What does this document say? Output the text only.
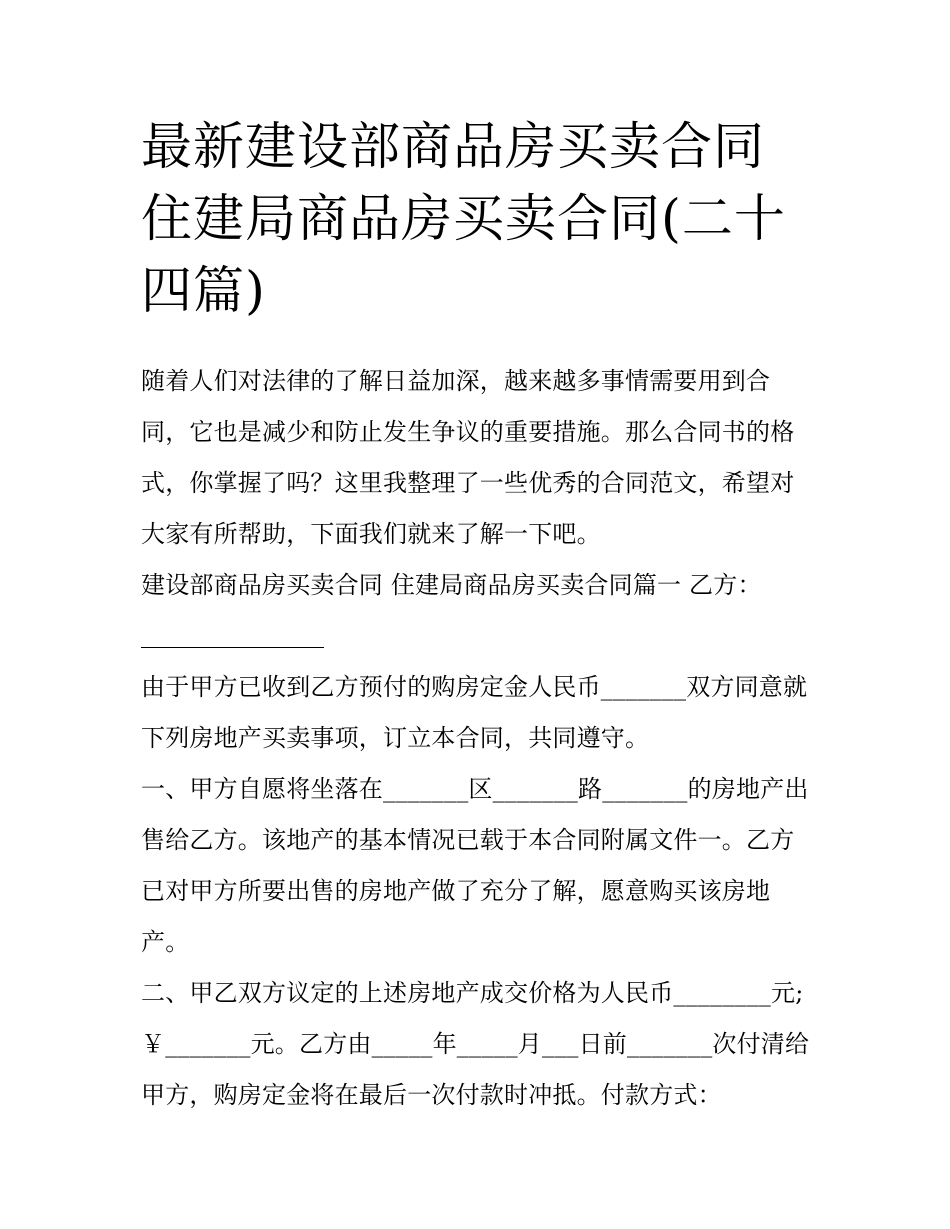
最新建设部商品房买卖合同 住建局商品房买卖合同(二十四篇)

随着人们对法律的了解日益加深，越来越多事情需要用到合同，它也是减少和防止发生争议的重要措施。那么合同书的格式，你掌握了吗？这里我整理了一些优秀的合同范文，希望对大家有所帮助，下面我们就来了解一下吧。

建设部商品房买卖合同 住建局商品房买卖合同篇一 乙方：

由于甲方已收到乙方预付的购房定金人民币_______双方同意就下列房地产买卖事项，订立本合同，共同遵守。

一、甲方自愿将坐落在_______区_______路_______的房地产出售给乙方。该地产的基本情况已载于本合同附属文件一。乙方已对甲方所要出售的房地产做了充分了解，愿意购买该房地产。

二、甲乙双方议定的上述房地产成交价格为人民币________元;￥_______元。乙方由_____年_____月___日前_______次付清给甲方，购房定金将在最后一次付款时冲抵。付款方式：
